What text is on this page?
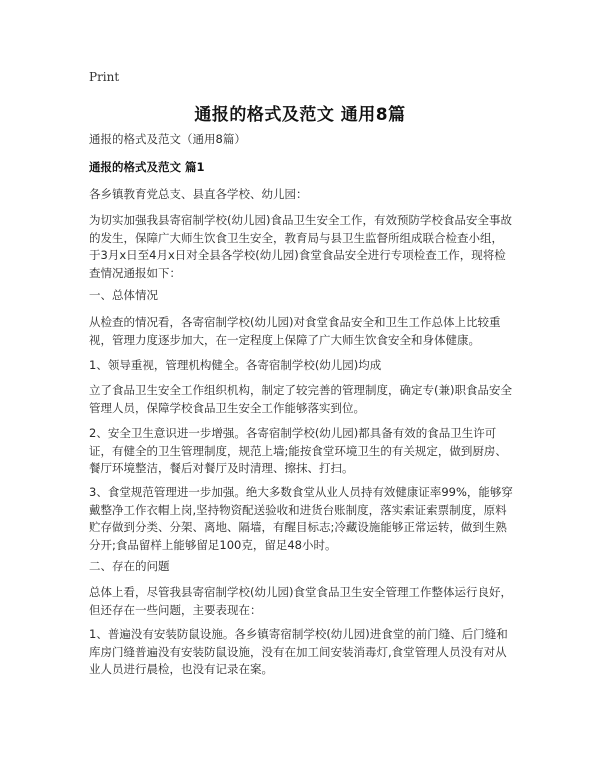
Print
通报的格式及范文 通用8篇
通报的格式及范文（通用8篇）
通报的格式及范文 篇1
各乡镇教育党总支、县直各学校、幼儿园：
为切实加强我县寄宿制学校(幼儿园)食品卫生安全工作，有效预防学校食品安全事故的发生，保障广大师生饮食卫生安全，教育局与县卫生监督所组成联合检查小组，于3月x日至4月x日对全县各学校(幼儿园)食堂食品安全进行专项检查工作，现将检查情况通报如下：
一、总体情况
从检查的情况看，各寄宿制学校(幼儿园)对食堂食品安全和卫生工作总体上比较重视，管理力度逐步加大，在一定程度上保障了广大师生饮食安全和身体健康。
1、领导重视，管理机构健全。各寄宿制学校(幼儿园)均成
立了食品卫生安全工作组织机构，制定了较完善的管理制度，确定专(兼)职食品安全管理人员，保障学校食品卫生安全工作能够落实到位。
2、安全卫生意识进一步增强。各寄宿制学校(幼儿园)都具备有效的食品卫生许可证，有健全的卫生管理制度，规范上墙;能按食堂环境卫生的有关规定，做到厨房、餐厅环境整洁，餐后对餐厅及时清理、擦抹、打扫。
3、食堂规范管理进一步加强。绝大多数食堂从业人员持有效健康证率99%，能够穿戴整净工作衣帽上岗,坚持物资配送验收和进货台账制度，落实索证索票制度，原料贮存做到分类、分架、离地、隔墙，有醒目标志;冷藏设施能够正常运转，做到生熟分开;食品留样上能够留足100克，留足48小时。
二、存在的问题
总体上看，尽管我县寄宿制学校(幼儿园)食堂食品卫生安全管理工作整体运行良好，但还存在一些问题，主要表现在：
1、普遍没有安装防鼠设施。各乡镇寄宿制学校(幼儿园)进食堂的前门缝、后门缝和库房门缝普遍没有安装防鼠设施，没有在加工间安装消毒灯,食堂管理人员没有对从业人员进行晨检，也没有记录在案。
